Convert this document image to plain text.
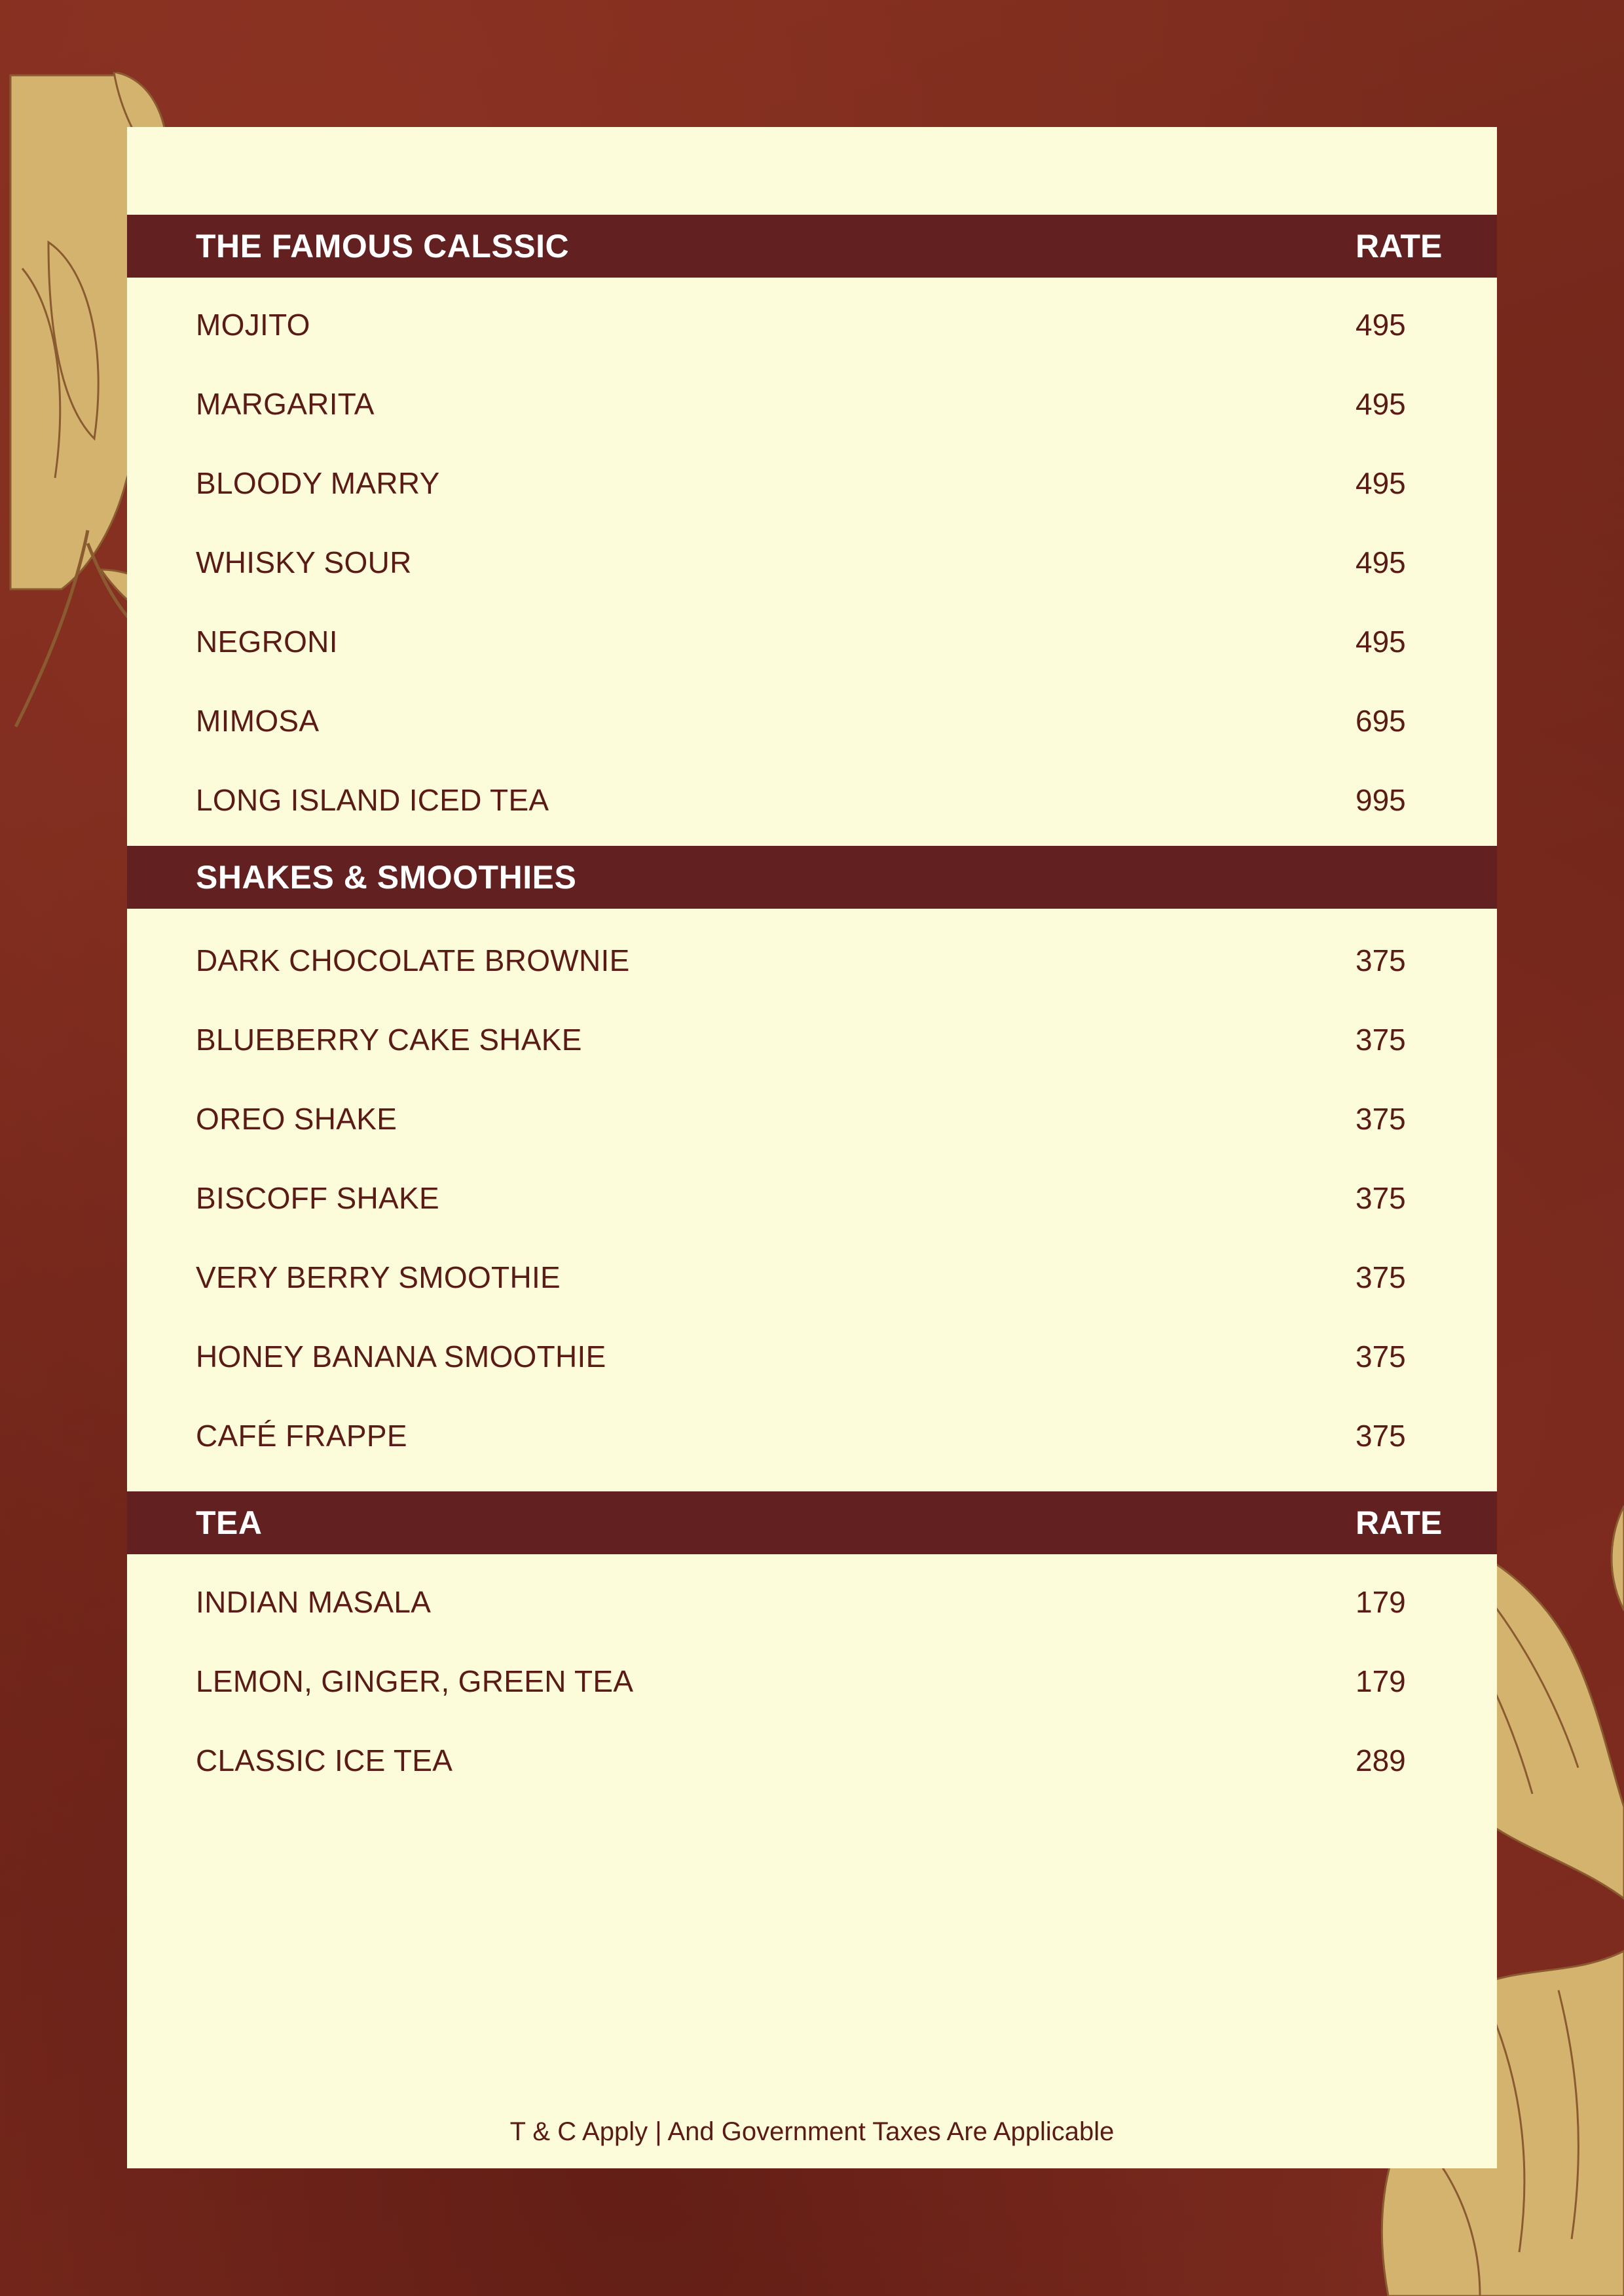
THE FAMOUS CALSSIC	RATE
MOJITO	495
MARGARITA	495
BLOODY MARRY	495
WHISKY SOUR	495
NEGRONI	495
MIMOSA	695
LONG ISLAND ICED TEA	995
SHAKES & SMOOTHIES
DARK CHOCOLATE BROWNIE	375
BLUEBERRY CAKE SHAKE	375
OREO SHAKE	375
BISCOFF SHAKE	375
VERY BERRY SMOOTHIE	375
HONEY BANANA SMOOTHIE	375
CAFÉ FRAPPE	375
TEA	RATE
INDIAN MASALA	179
LEMON, GINGER, GREEN TEA	179
CLASSIC ICE TEA	289
T & C Apply | And Government Taxes Are Applicable
